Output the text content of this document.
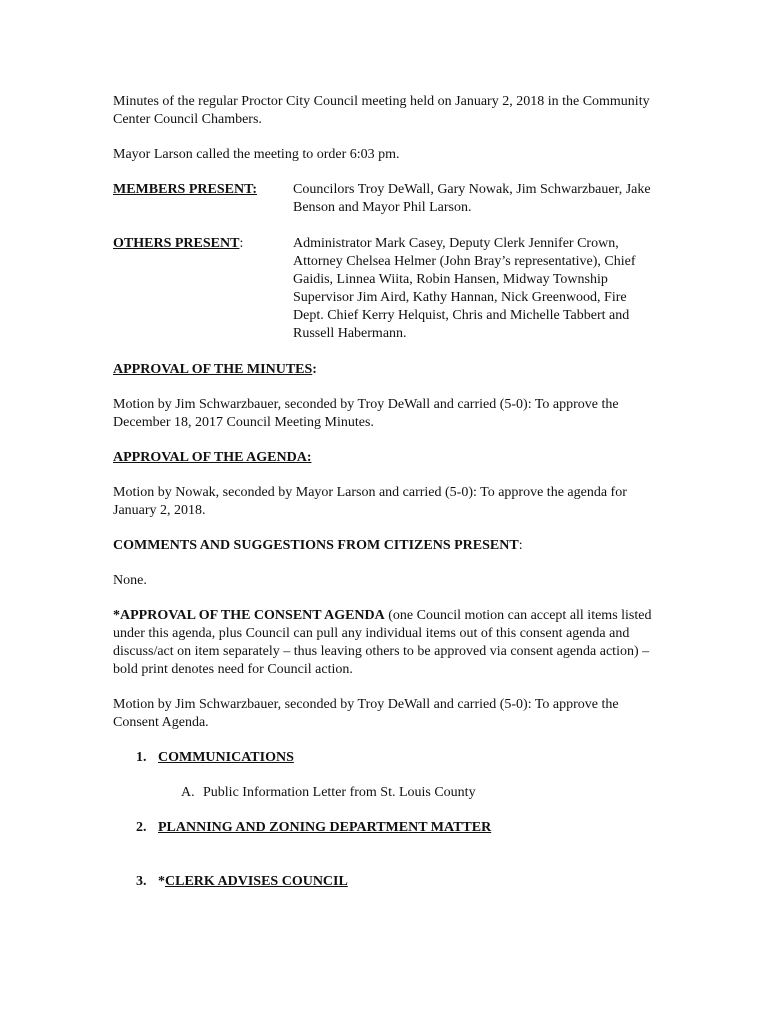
Minutes of the regular Proctor City Council meeting held on January 2, 2018 in the Community Center Council Chambers.

Mayor Larson called the meeting to order 6:03 pm.

MEMBERS PRESENT:	Councilors Troy DeWall, Gary Nowak, Jim Schwarzbauer, Jake Benson and Mayor Phil Larson.
OTHERS PRESENT:	Administrator Mark Casey, Deputy Clerk Jennifer Crown, Attorney Chelsea Helmer (John Bray’s representative), Chief Gaidis, Linnea Wiita, Robin Hansen, Midway Township Supervisor Jim Aird, Kathy Hannan, Nick Greenwood, Fire Dept. Chief Kerry Helquist, Chris and Michelle Tabbert and Russell Habermann.

APPROVAL OF THE MINUTES:

Motion by Jim Schwarzbauer, seconded by Troy DeWall and carried (5-0): To approve the December 18, 2017 Council Meeting Minutes.

APPROVAL OF THE AGENDA:

Motion by Nowak, seconded by Mayor Larson and carried (5-0): To approve the agenda for January 2, 2018.

COMMENTS AND SUGGESTIONS FROM CITIZENS PRESENT:

None.

*APPROVAL OF THE CONSENT AGENDA (one Council motion can accept all items listed under this agenda, plus Council can pull any individual items out of this consent agenda and discuss/act on item separately – thus leaving others to be approved via consent agenda action) – bold print denotes need for Council action.

Motion by Jim Schwarzbauer, seconded by Troy DeWall and carried (5-0): To approve the Consent Agenda.

1. COMMUNICATIONS
A. Public Information Letter from St. Louis County
2. PLANNING AND ZONING DEPARTMENT MATTER
3. * CLERK ADVISES COUNCIL
